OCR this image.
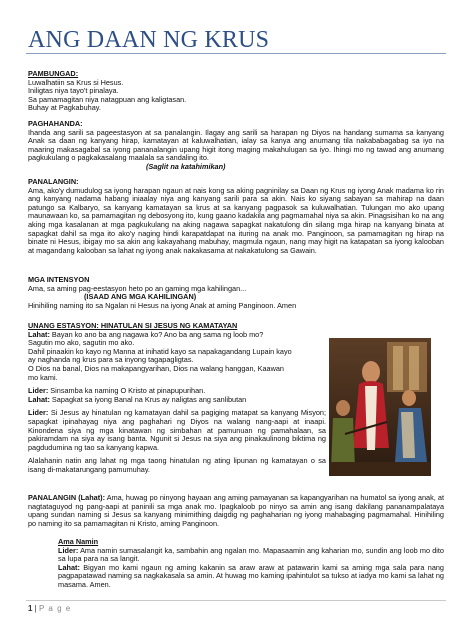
ANG DAAN NG KRUS
PAMBUNGAD:
Luwalhatiin sa Krus si Hesus.
Iniligtas niya tayo't pinalaya.
Sa pamamagitan niya natagpuan ang kaligtasan.
Buhay at Pagkabuhay.
PAGHAHANDA:
Ihanda ang sarili sa pageestasyon at sa panalangin. Ilagay ang sarili sa harapan ng Diyos na handang sumama sa kanyang Anak sa daan ng kanyang hirap, kamatayan at kaluwalhatian, ialay sa kanya ang anumang tila nakababagabag sa iyo na maaring makasagabal sa iyong pananalangin upang higit itong maging makahulugan sa iyo. Ihingi mo ng tawad ang anumang pagkukulang o pagkakasalang maalala sa sandaling ito.
(Saglit na katahimikan)
PANALANGIN:
Ama, ako'y dumudulog sa iyong harapan ngaun at nais kong sa aking pagninilay sa Daan ng Krus ng iyong Anak madama ko rin ang kanyang nadama habang iniaalay niya ang kanyang sarili para sa akin. Nais ko siyang sabayan sa mahirap na daan patungo sa Kalbaryo, sa kanyang kamatayan sa krus at sa kanyang pagpasok sa kuluwalhatian. Tulungan mo ako upang maunawaan ko, sa pamamagitan ng debosyong ito, kung gaano kadakila ang pagmamahal niya sa akin. Pinagsisihan ko na ang aking mga kasalanan at mga pagkukulang na aking nagawa sapagkat nakatulong din silang mga hirap na kanyang binata at sapagkat dahil sa mga ito ako'y naging hindi karapatdapat na ituring na anak mo. Panginoon, sa pamamagitan ng hirap na binate ni Hesus, ibigay mo sa akin ang kakayahang mabuhay, magmula ngaun, nang may higit na katapatan sa iyong kalooban at magandang kalooban sa lahat ng iyong anak nakakasama at nakakatulong sa Gawain.
MGA INTENSYON
Ama, sa aming pag-eestasyon heto po an gaming mga kahilingan...
(ISAAD ANG MGA KAHILINGAN)
Hinihiling naming ito sa Ngalan ni Hesus na iyong Anak at aming Panginoon. Amen
UNANG ESTASYON: HINATULAN SI JESUS NG KAMATAYAN
Lahat: Bayan ko ano ba ang nagawa ko? Ano ba ang sama ng loob mo?
Sagutin mo ako, sagutin mo ako.
Dahil pinaakin ko kayo ng Manna at inihatid kayo sa napakagandang Lupain kayo
ay naghanda ng krus para sa inyong tagapagligtas.
O Dios na banal, Dios na makapangyarihan, Dios na walang hanggan, Kaawan
mo kami.
Lider: Sinsamba ka naming O Kristo at pinapupurihan.
Lahat: Sapagkat sa iyong Banal na Krus ay naligtas ang sanlibutan
Lider: Si Jesus ay hinatulan ng kamatayan dahil sa pagiging matapat sa kanyang Misyon; sapagkat ipinahayag niya ang paghahari ng Diyos na walang nang-aapi at inaapi. Kinondena siya ng mga kinatawan ng simbahan at pamunuan ng pamahalaan, sa pakiramdam na siya ay isang banta. Ngunit si Jesus na siya ang pinakaulinong biktima ng pagdudumina ng tao sa kanyang kapwa.
Alalahanin natin ang lahat ng mga taong hinatulan ng ating lipunan ng kamatayan o sa isang di-makatarungang pamumuhay.
PANALANGIN (Lahat): Ama, huwag po ninyong hayaan ang aming pamayanan sa kapangyarihan na humatol sa iyong anak, at nagtataguyod ng pang-aapi at paninili sa mga anak mo. Ipagkaloob po ninyo sa amin ang isang dakilang pananampalataya upang sundan naming si Jesus sa kanyang minimithing daigdig ng paghaharian ng iyong mahabaging pagmamahal. Hinihiling po naming ito sa pamamagitan ni Kristo, aming Panginoon.
Ama Namin
Lider: Ama namin sumasalangit ka, sambahin ang ngalan mo. Mapasaamin ang kaharian mo, sundin ang loob mo dito sa lupa para na sa langit.
Lahat: Bigyan mo kami ngaun ng aming kakanin sa araw araw at patawarin kami sa aming mga sala para nang pagpapatawad naming sa nagkakasala sa amin. At huwag mo kaming ipahintulot sa tukso at iadya mo kami sa lahat ng masama. Amen.
1 | P a g e
